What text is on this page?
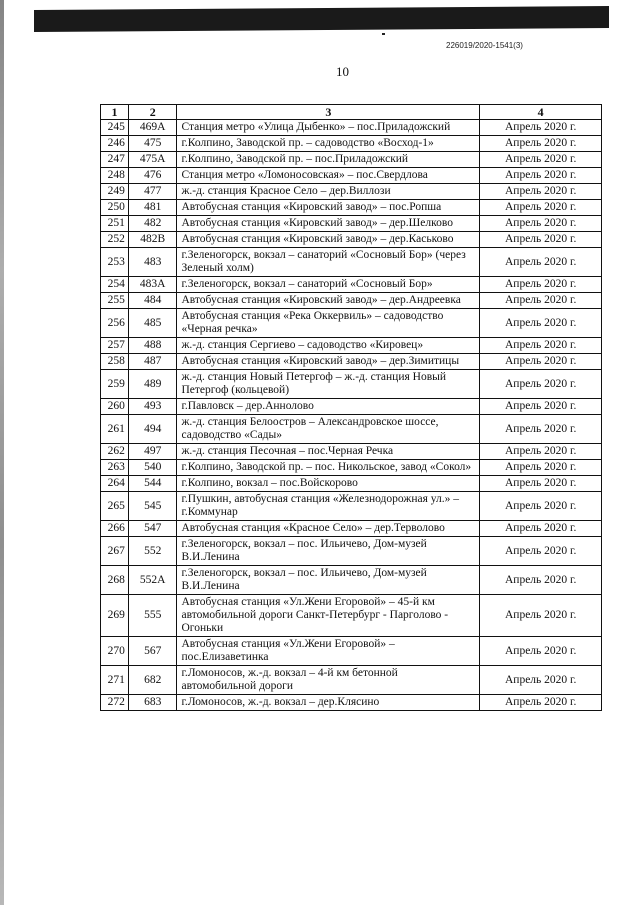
226019/2020-1541(3)
10
1	2	3	4
245	469А	Станция метро «Улица Дыбенко» – пос.Приладожский	Апрель 2020 г.
246	475	г.Колпино, Заводской пр. – садоводство «Восход-1»	Апрель 2020 г.
247	475А	г.Колпино, Заводской пр. – пос.Приладожский	Апрель 2020 г.
248	476	Станция метро «Ломоносовская» – пос.Свердлова	Апрель 2020 г.
249	477	ж.-д. станция Красное Село – дер.Виллози	Апрель 2020 г.
250	481	Автобусная станция «Кировский завод» – пос.Ропша	Апрель 2020 г.
251	482	Автобусная станция «Кировский завод» – дер.Шелково	Апрель 2020 г.
252	482В	Автобусная станция «Кировский завод» – дер.Каськово	Апрель 2020 г.
253	483	г.Зеленогорск, вокзал – санаторий «Сосновый Бор» (через Зеленый холм)	Апрель 2020 г.
254	483А	г.Зеленогорск, вокзал – санаторий «Сосновый Бор»	Апрель 2020 г.
255	484	Автобусная станция «Кировский завод» – дер.Андреевка	Апрель 2020 г.
256	485	Автобусная станция «Река Оккервиль» – садоводство «Черная речка»	Апрель 2020 г.
257	488	ж.-д. станция Сергиево – садоводство «Кировец»	Апрель 2020 г.
258	487	Автобусная станция «Кировский завод» – дер.Зимитицы	Апрель 2020 г.
259	489	ж.-д. станция Новый Петергоф – ж.-д. станция Новый Петергоф (кольцевой)	Апрель 2020 г.
260	493	г.Павловск – дер.Аннолово	Апрель 2020 г.
261	494	ж.-д. станция Белоостров – Александровское шоссе, садоводство «Сады»	Апрель 2020 г.
262	497	ж.-д. станция Песочная – пос.Черная Речка	Апрель 2020 г.
263	540	г.Колпино, Заводской пр. – пос. Никольское, завод «Сокол»	Апрель 2020 г.
264	544	г.Колпино, вокзал – пос.Войскорово	Апрель 2020 г.
265	545	г.Пушкин, автобусная станция «Железнодорожная ул.» – г.Коммунар	Апрель 2020 г.
266	547	Автобусная станция «Красное Село» – дер.Терволово	Апрель 2020 г.
267	552	г.Зеленогорск, вокзал – пос. Ильичево, Дом-музей В.И.Ленина	Апрель 2020 г.
268	552А	г.Зеленогорск, вокзал – пос. Ильичево, Дом-музей В.И.Ленина	Апрель 2020 г.
269	555	Автобусная станция «Ул.Жени Егоровой» – 45-й км автомобильной дороги Санкт-Петербург - Парголово - Огоньки	Апрель 2020 г.
270	567	Автобусная станция «Ул.Жени Егоровой» – пос.Елизаветинка	Апрель 2020 г.
271	682	г.Ломоносов, ж.-д. вокзал – 4-й км бетонной автомобильной дороги	Апрель 2020 г.
272	683	г.Ломоносов, ж.-д. вокзал – дер.Клясино	Апрель 2020 г.
